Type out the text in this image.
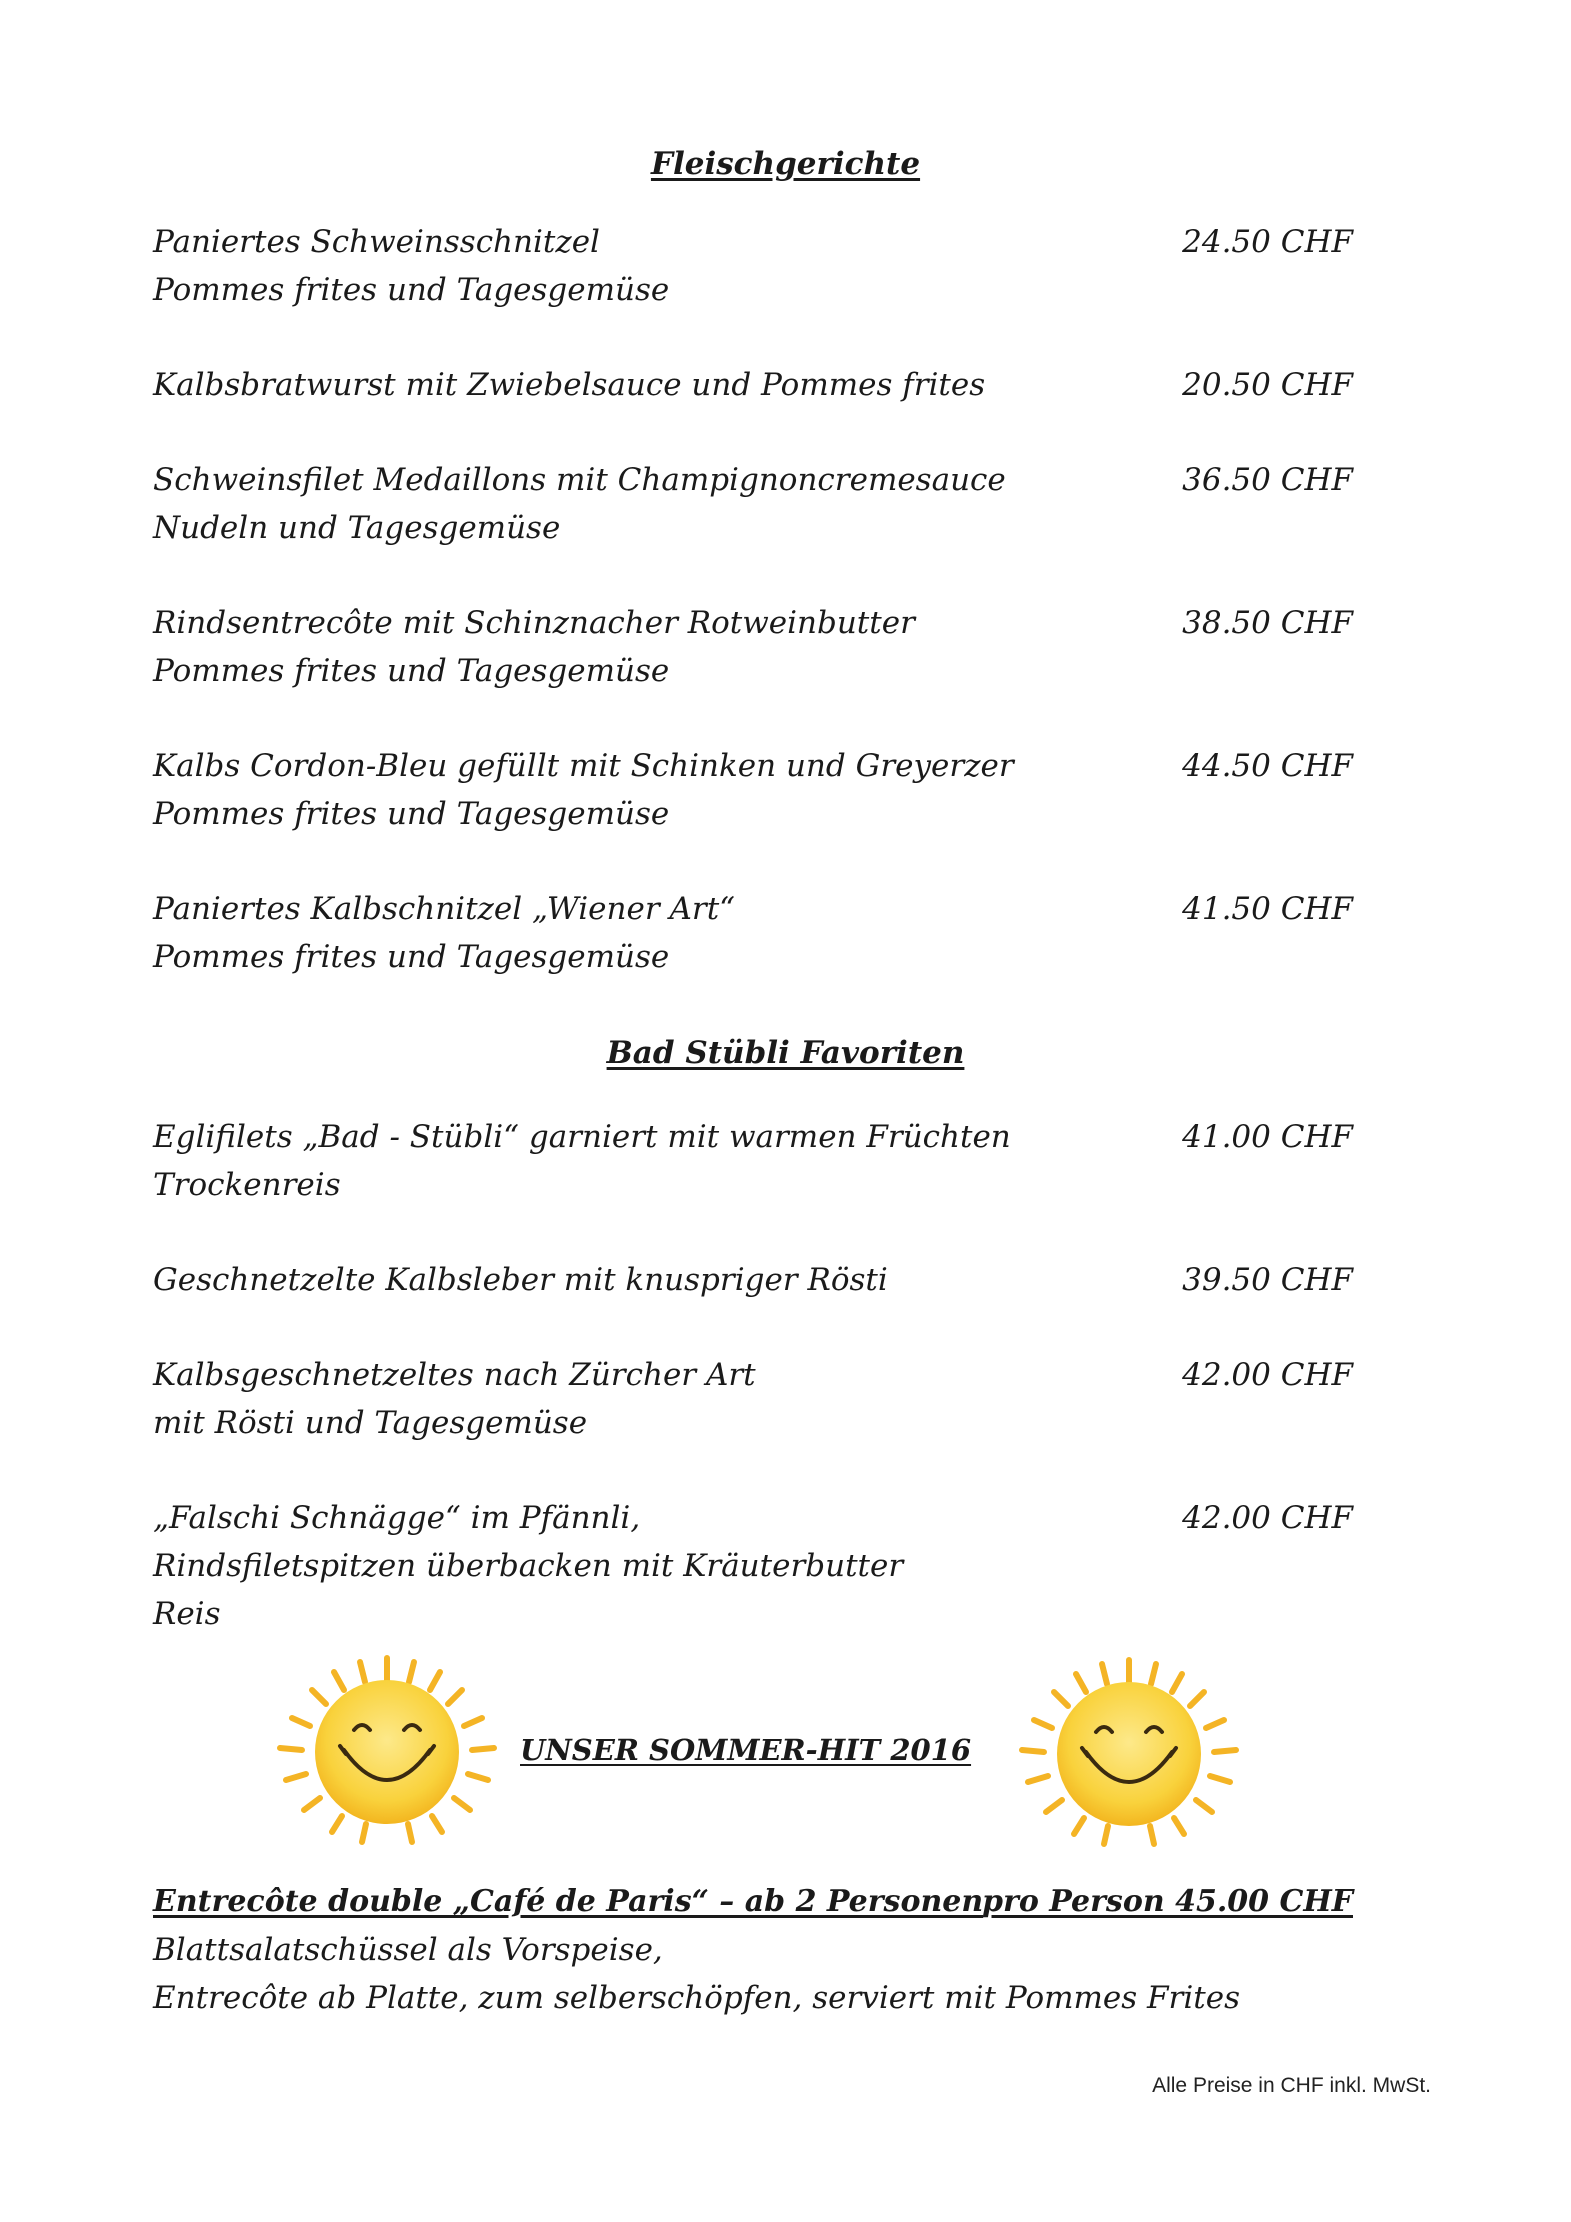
Fleischgerichte
Paniertes Schweinsschnitzel
Pommes frites und Tagesgemüse
24.50 CHF
Kalbsbratwurst mit Zwiebelsauce und Pommes frites	20.50 CHF
Schweinsfilet Medaillons mit Champignoncremesauce
Nudeln und Tagesgemüse
36.50 CHF
Rindsentrecôte mit Schinznacher Rotweinbutter
Pommes frites und Tagesgemüse
38.50 CHF
Kalbs Cordon-Bleu gefüllt mit Schinken und Greyerzer
Pommes frites und Tagesgemüse
44.50 CHF
Paniertes Kalbschnitzel „Wiener Art“
Pommes frites und Tagesgemüse
41.50 CHF
Bad Stübli Favoriten
Eglifilets „Bad - Stübli“ garniert mit warmen Früchten
Trockenreis
41.00 CHF
Geschnetzelte Kalbsleber mit knuspriger Rösti	39.50 CHF
Kalbsgeschnetzeltes nach Zürcher Art
mit Rösti und Tagesgemüse
42.00 CHF
„Falschi Schnägge“ im Pfännli,
Rindsfiletspitzen überbacken mit Kräuterbutter
Reis
42.00 CHF
UNSER SOMMER-HIT 2016
Entrecôte double „Café de Paris“ – ab 2 Personen
pro Person 45.00 CHF
Blattsalatschüssel als Vorspeise,
Entrecôte ab Platte, zum selberschöpfen, serviert mit Pommes Frites
Alle Preise in CHF inkl. MwSt.
